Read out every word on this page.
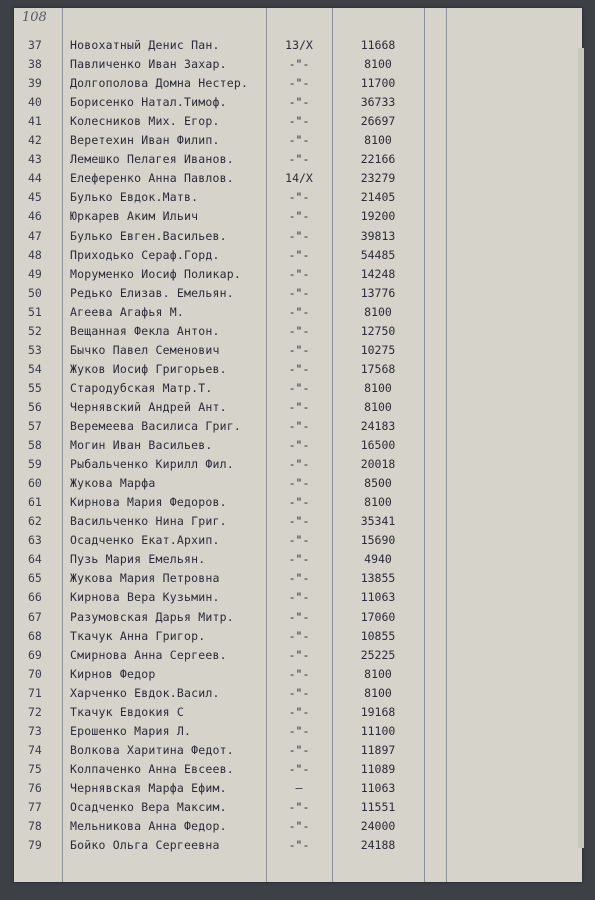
108
37	Новохатный Денис Пан.	13/X	11668
38	Павличенко Иван Захар.	-"-	8100
39	Долгополова Домна Нестер.	-"-	11700
40	Борисенко Натал.Тимоф.	-"-	36733
41	Колесников Мих. Егор.	-"-	26697
42	Веретехин Иван Филип.	-"-	8100
43	Лемешко Пелагея Иванов.	-"-	22166
44	Елеференко Анна Павлов.	14/X	23279
45	Булько Евдок.Матв.	-"-	21405
46	Юркарев Аким Ильич	-"-	19200
47	Булько Евген.Васильев.	-"-	39813
48	Приходько Сераф.Горд.	-"-	54485
49	Моруменко Иосиф Поликар.	-"-	14248
50	Редько Елизав. Емельян.	-"-	13776
51	Агеева Агафья М.	-"-	8100
52	Вещанная Фекла Антон.	-"-	12750
53	Бычко Павел Семенович	-"-	10275
54	Жуков Иосиф Григорьев.	-"-	17568
55	Стародубская Матр.Т.	-"-	8100
56	Чернявский Андрей Ант.	-"-	8100
57	Веремеева Василиса Григ.	-"-	24183
58	Могин Иван Васильев.	-"-	16500
59	Рыбальченко Кирилл Фил.	-"-	20018
60	Жукова Марфа	-"-	8500
61	Кирнова Мария Федоров.	-"-	8100
62	Васильченко Нина Григ.	-"-	35341
63	Осадченко Екат.Архип.	-"-	15690
64	Пузь Мария Емельян.	-"-	4940
65	Жукова Мария Петровна	-"-	13855
66	Кирнова Вера Кузьмин.	-"-	11063
67	Разумовская Дарья Митр.	-"-	17060
68	Ткачук Анна Григор.	-"-	10855
69	Смирнова Анна Сергеев.	-"-	25225
70	Кирнов Федор	-"-	8100
71	Харченко Евдок.Васил.	-"-	8100
72	Ткачук Евдокия С	-"-	19168
73	Ерошенко Мария Л.	-"-	11100
74	Волкова Харитина Федот.	-"-	11897
75	Колпаченко Анна Евсеев.	-"-	11089
76	Чернявская Марфа Ефим.	—	11063
77	Осадченко Вера Максим.	-"-	11551
78	Мельникова Анна Федор.	-"-	24000
79	Бойко Ольга Сергеевна	-"-	24188
